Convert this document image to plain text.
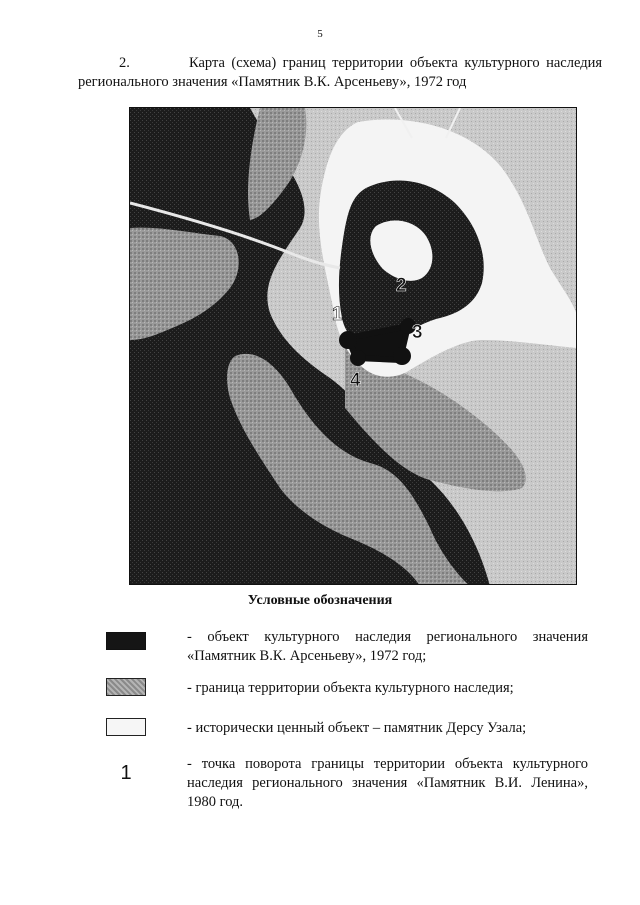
5

2.	Карта (схема) границ территории объекта культурного наследия регионального значения «Памятник В.К. Арсеньеву», 1972 год

1
2
3
4
Условные обозначения
- объект культурного наследия регионального значения «Памятник В.К. Арсеньеву», 1972 год;
- граница территории объекта культурного наследия;
- исторически ценный объект – памятник Дерсу Узала;
1	- точка поворота границы территории объекта культурного наследия регионального значения «Памятник В.И. Ленина», 1980 год.
